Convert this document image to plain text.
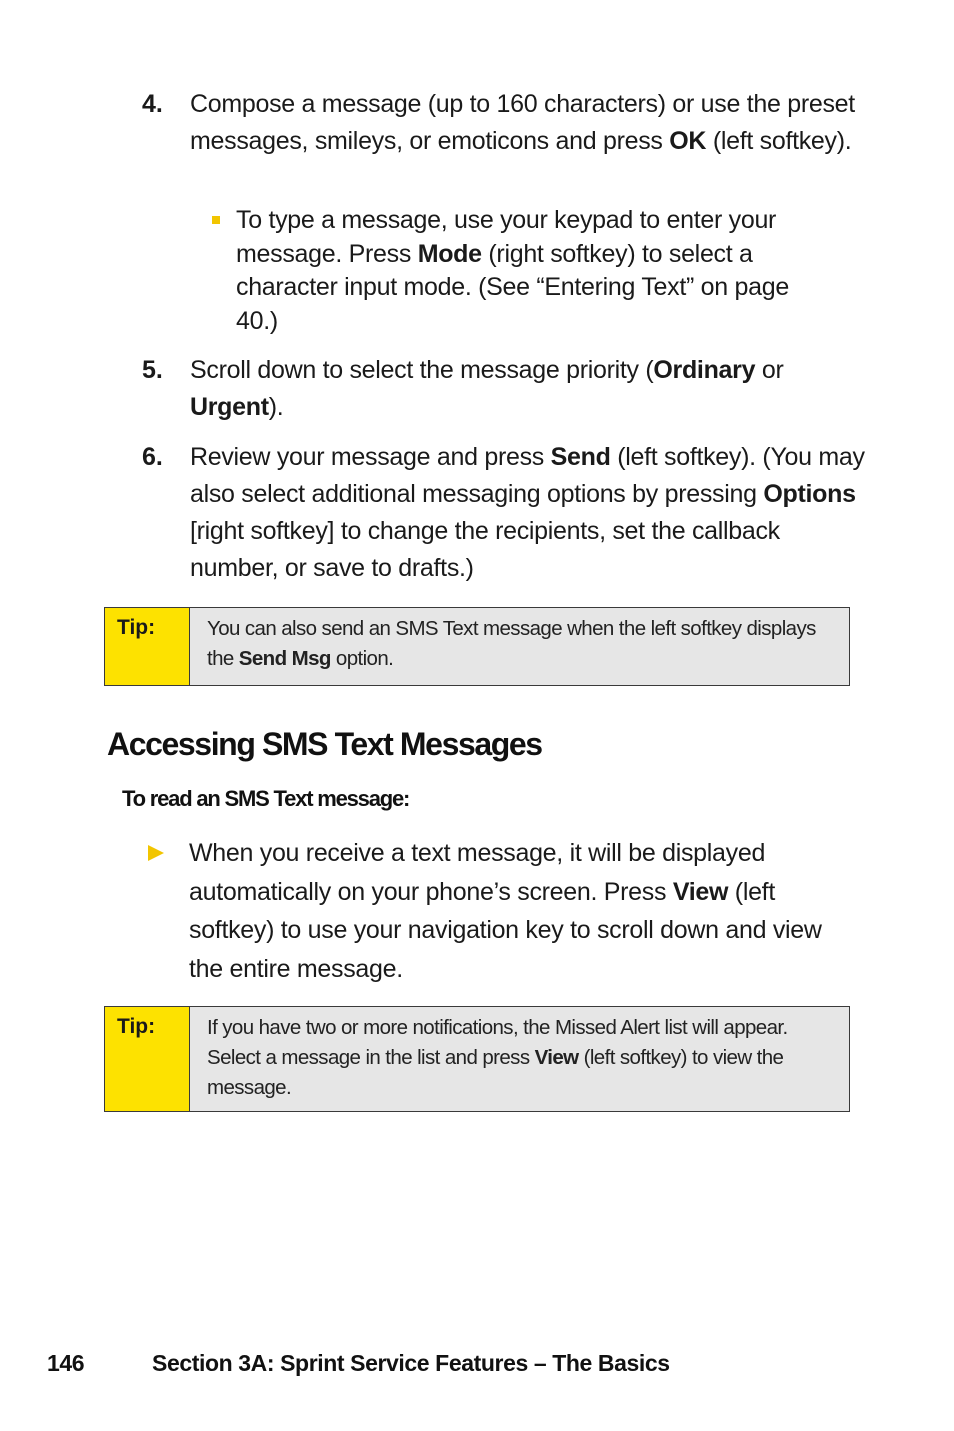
4. Compose a message (up to 160 characters) or use the preset messages, smileys, or emoticons and press OK (left softkey).
To type a message, use your keypad to enter your message. Press Mode (right softkey) to select a character input mode. (See “Entering Text” on page 40.)
5. Scroll down to select the message priority (Ordinary or Urgent).
6. Review your message and press Send (left softkey). (You may also select additional messaging options by pressing Options [right softkey] to change the recipients, set the callback number, or save to drafts.)
Tip:	You can also send an SMS Text message when the left softkey displays the Send Msg option.
Accessing SMS Text Messages
To read an SMS Text message:
When you receive a text message, it will be displayed automatically on your phone’s screen. Press View (left softkey) to use your navigation key to scroll down and view the entire message.
Tip:	If you have two or more notifications, the Missed Alert list will appear. Select a message in the list and press View (left softkey) to view the message.
146	Section 3A: Sprint Service Features – The Basics
